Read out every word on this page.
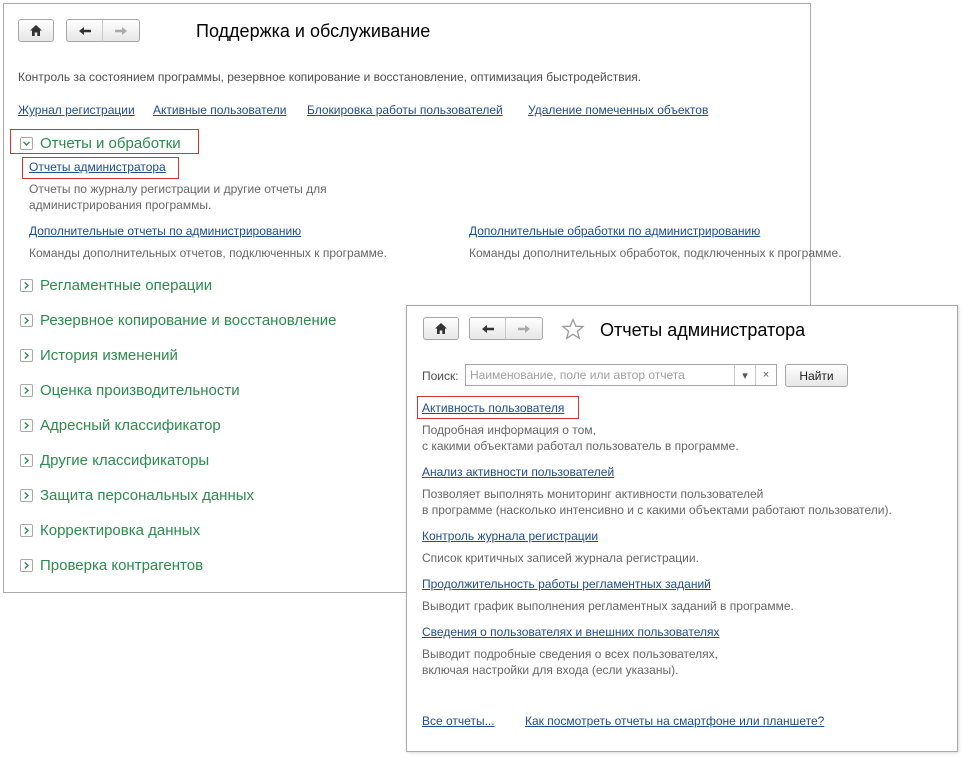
Поддержка и обслуживание
Контроль за состоянием программы, резервное копирование и восстановление, оптимизация быстродействия.
Журнал регистрации Активные пользователи Блокировка работы пользователей Удаление помеченных объектов
Отчеты и обработки
Отчеты администратора
Отчеты по журналу регистрации и другие отчеты для
администрирования программы.
Дополнительные отчеты по администрированию
Команды дополнительных отчетов, подключенных к программе.
Дополнительные обработки по администрированию
Команды дополнительных обработок, подключенных к программе.
Регламентные операции
Резервное копирование и восстановление
История изменений
Оценка производительности
Адресный классификатор
Другие классификаторы
Защита персональных данных
Корректировка данных
Проверка контрагентов
Отчеты администратора
Поиск: Наименование, поле или автор отчета	▾	×	Найти
Активность пользователя
Подробная информация о том,
с какими объектами работал пользователь в программе.
Анализ активности пользователей
Позволяет выполнять мониторинг активности пользователей
в программе (насколько интенсивно и с какими объектами работают пользователи).
Контроль журнала регистрации
Список критичных записей журнала регистрации.
Продолжительность работы регламентных заданий
Выводит график выполнения регламентных заданий в программе.
Сведения о пользователях и внешних пользователях
Выводит подробные сведения о всех пользователях,
включая настройки для входа (если указаны).
Все отчеты...	Как посмотреть отчеты на смартфоне или планшете?
